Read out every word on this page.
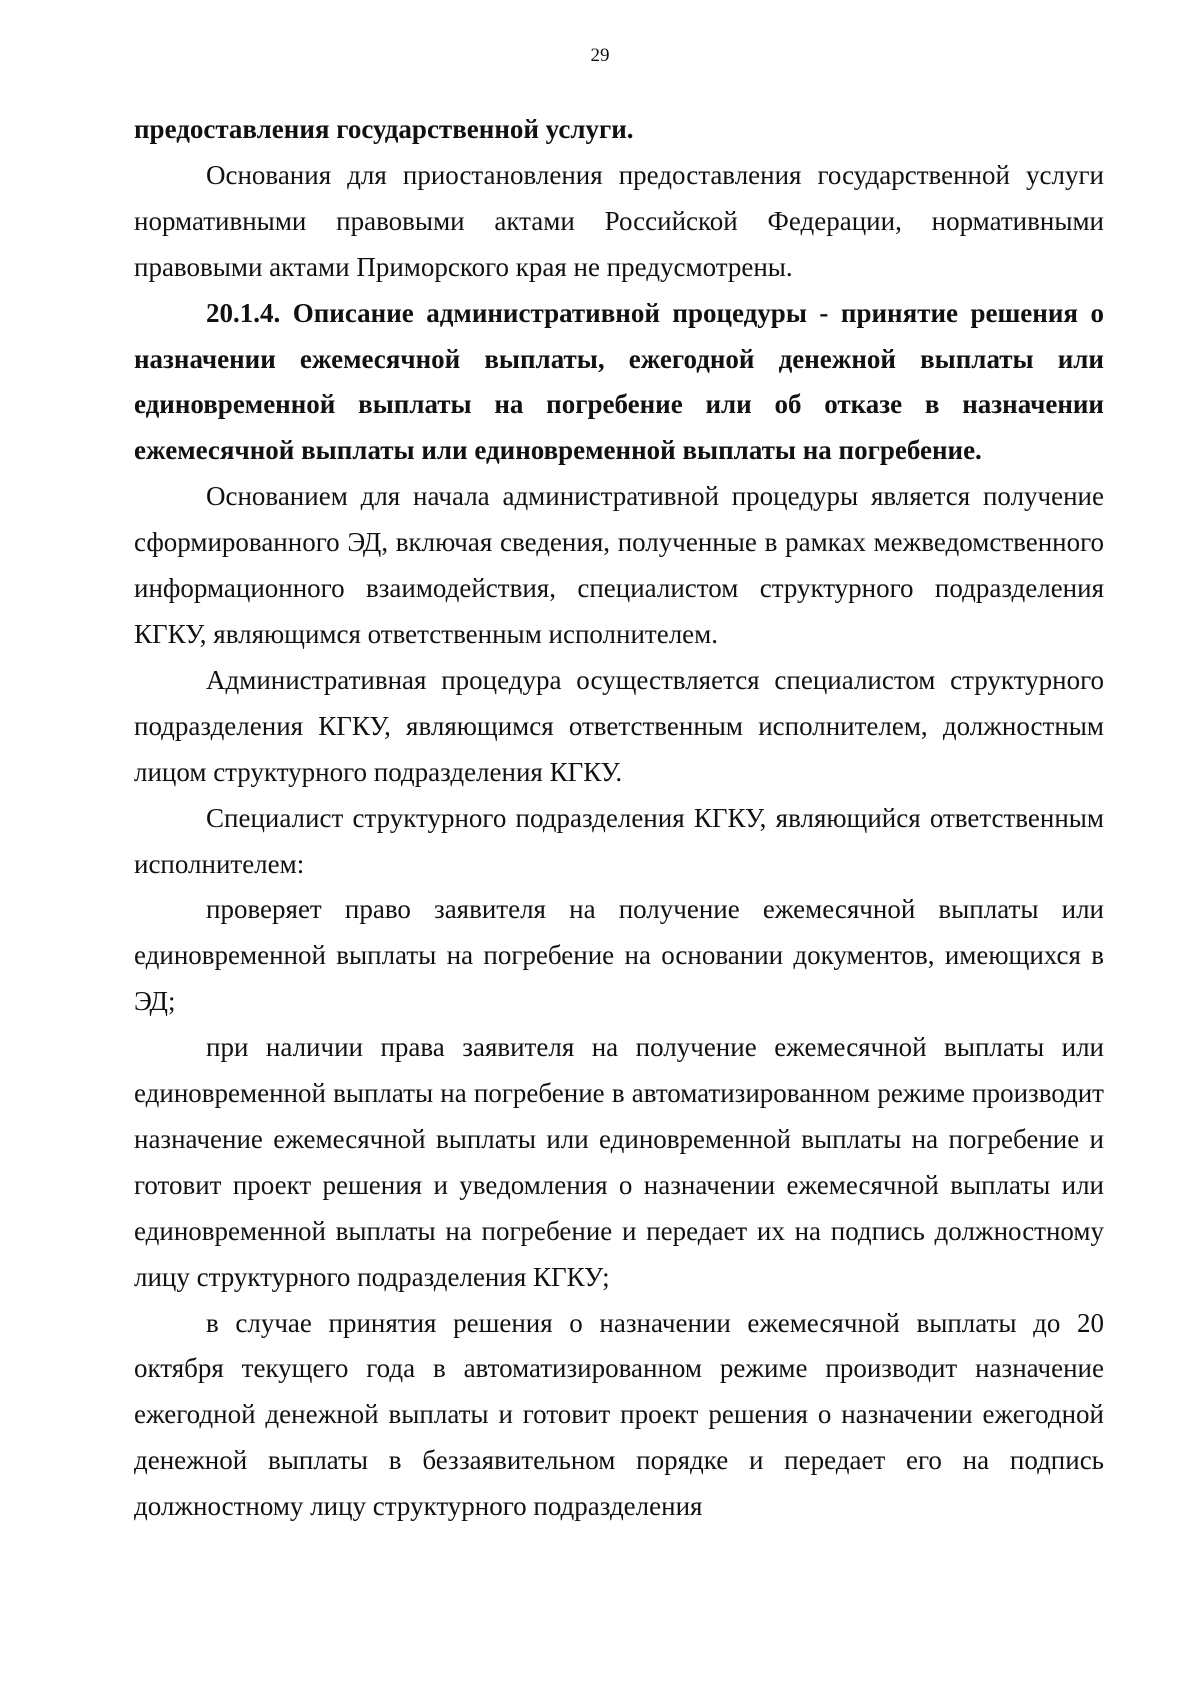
29

предоставления государственной услуги.

Основания для приостановления предоставления государственной услуги нормативными правовыми актами Российской Федерации, нормативными правовыми актами Приморского края не предусмотрены.

20.1.4. Описание административной процедуры - принятие решения о назначении ежемесячной выплаты, ежегодной денежной выплаты или единовременной выплаты на погребение или об отказе в назначении ежемесячной выплаты или единовременной выплаты на погребение.

Основанием для начала административной процедуры является получение сформированного ЭД, включая сведения, полученные в рамках межведомственного информационного взаимодействия, специалистом структурного подразделения КГКУ, являющимся ответственным исполнителем.

Административная процедура осуществляется специалистом структурного подразделения КГКУ, являющимся ответственным исполнителем, должностным лицом структурного подразделения КГКУ.

Специалист структурного подразделения КГКУ, являющийся ответственным исполнителем:

проверяет право заявителя на получение ежемесячной выплаты или единовременной выплаты на погребение на основании документов, имеющихся в ЭД;

при наличии права заявителя на получение ежемесячной выплаты или единовременной выплаты на погребение в автоматизированном режиме производит назначение ежемесячной выплаты или единовременной выплаты на погребение и готовит проект решения и уведомления о назначении ежемесячной выплаты или единовременной выплаты на погребение и передает их на подпись должностному лицу структурного подразделения КГКУ;

в случае принятия решения о назначении ежемесячной выплаты до 20 октября текущего года в автоматизированном режиме производит назначение ежегодной денежной выплаты и готовит проект решения о назначении ежегодной денежной выплаты в беззаявительном порядке и передает его на подпись должностному лицу структурного подразделения
